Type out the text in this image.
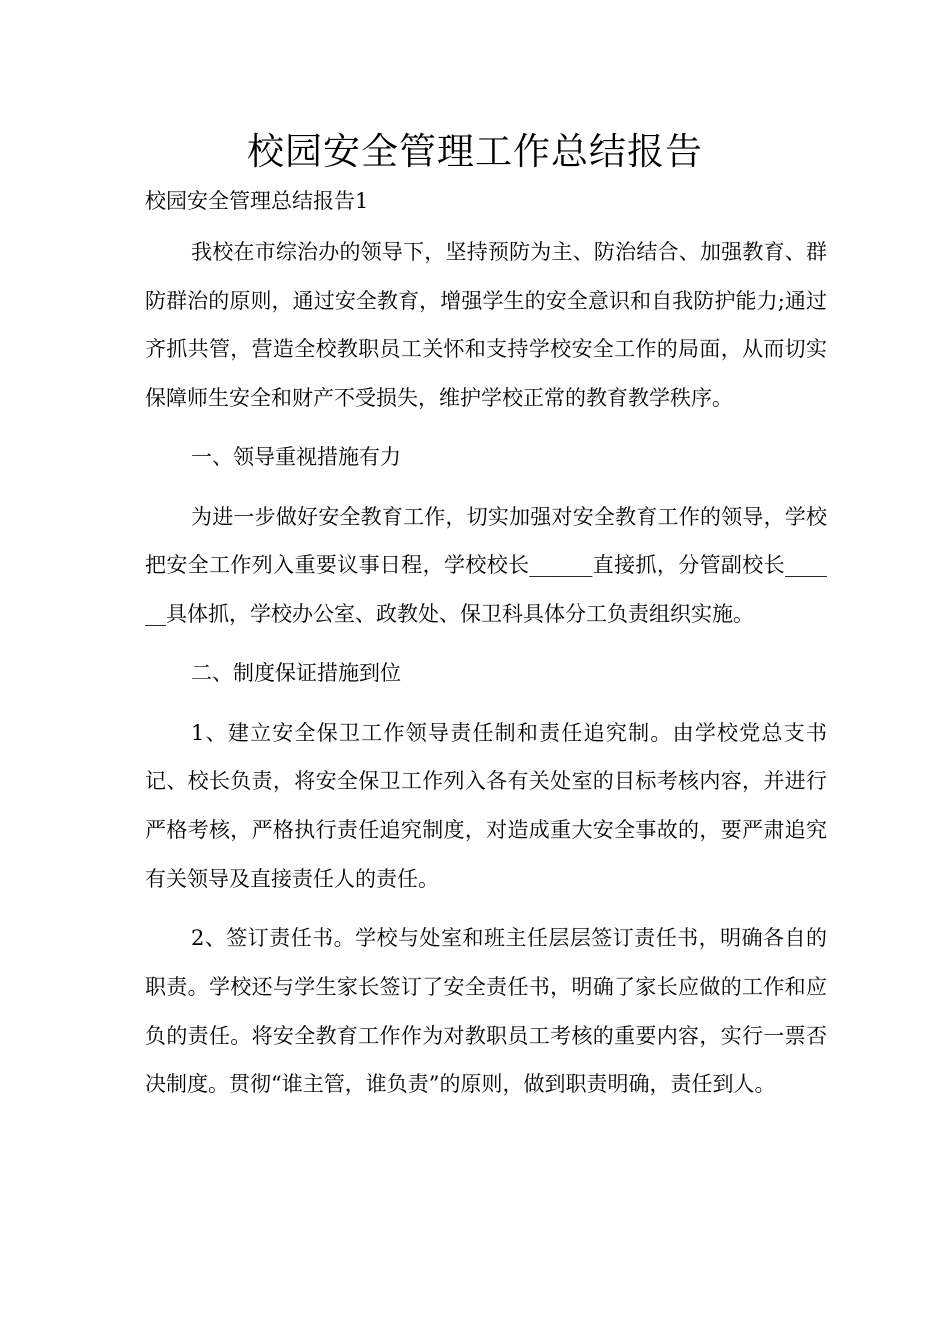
校园安全管理工作总结报告
校园安全管理总结报告1

我校在市综治办的领导下，坚持预防为主、防治结合、加强教育、群防群治的原则，通过安全教育，增强学生的安全意识和自我防护能力;通过齐抓共管，营造全校教职员工关怀和支持学校安全工作的局面，从而切实保障师生安全和财产不受损失，维护学校正常的教育教学秩序。

一、领导重视措施有力

为进一步做好安全教育工作，切实加强对安全教育工作的领导，学校把安全工作列入重要议事日程，学校校长______直接抓，分管副校长______具体抓，学校办公室、政教处、保卫科具体分工负责组织实施。

二、制度保证措施到位

1、建立安全保卫工作领导责任制和责任追究制。由学校党总支书记、校长负责，将安全保卫工作列入各有关处室的目标考核内容，并进行严格考核，严格执行责任追究制度，对造成重大安全事故的，要严肃追究有关领导及直接责任人的责任。

2、签订责任书。学校与处室和班主任层层签订责任书，明确各自的职责。学校还与学生家长签订了安全责任书，明确了家长应做的工作和应负的责任。将安全教育工作作为对教职员工考核的重要内容，实行一票否决制度。贯彻“谁主管，谁负责”的原则，做到职责明确，责任到人。
